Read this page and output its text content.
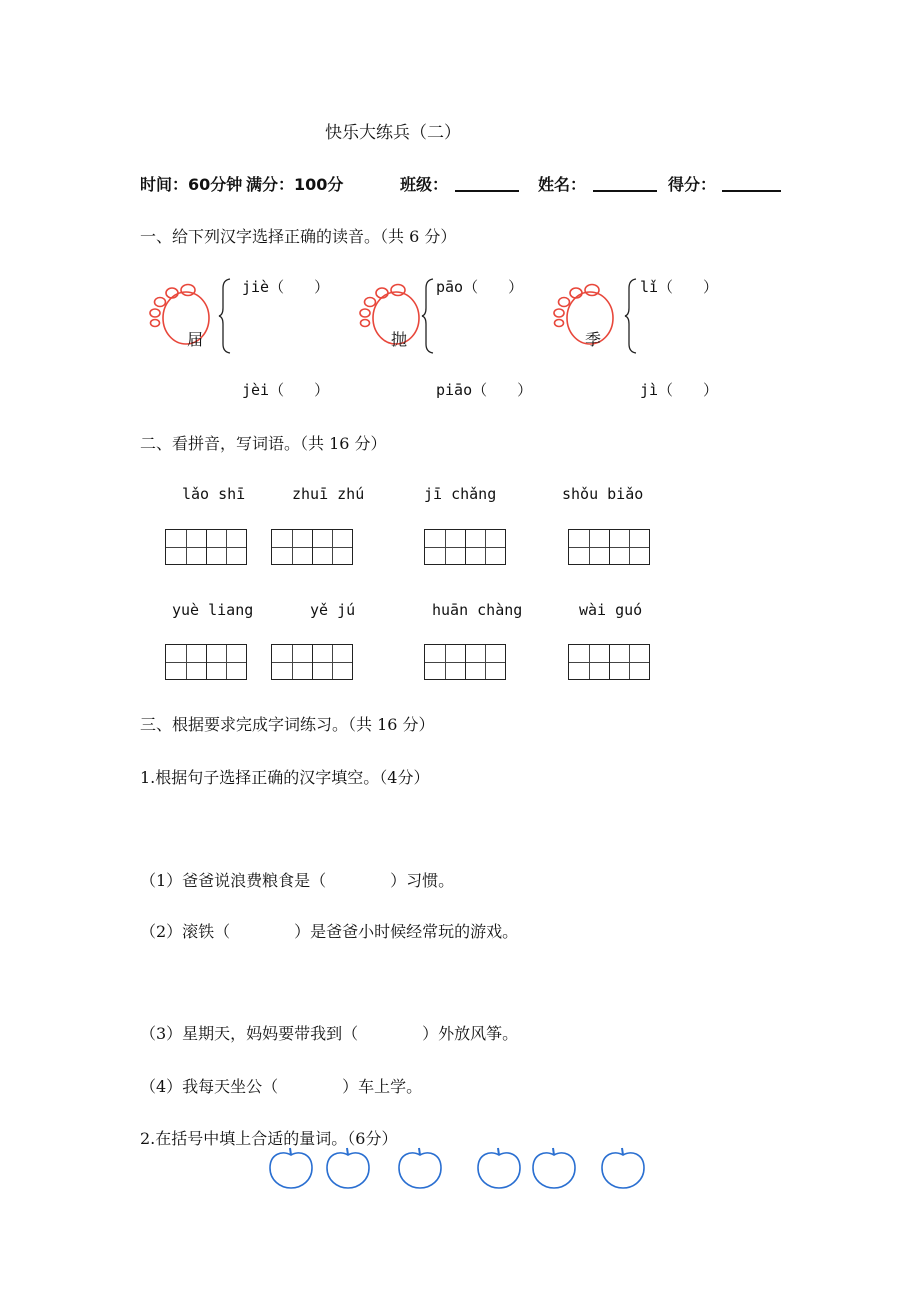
快乐大练兵（二）
时间：60分钟 满分：100分	班级：	姓名：	得分：
一、给下列汉字选择正确的读音。（共 6 分）
届
jiè（　　）
jèi（　　）
抛
pāo（　　）
piāo（　　）
季
lǐ（　　）
jì（　　）
二、看拼音，写词语。（共 16 分）
lǎo shī	zhuī zhú	jī chǎng	shǒu biǎo
yuè liang	yě jú	huān chàng	wài guó
三、根据要求完成字词练习。（共 16 分）
1.根据句子选择正确的汉字填空。（4分）
（1）爸爸说浪费粮食是（　　　　）习惯。
（2）滚铁（　　　　）是爸爸小时候经常玩的游戏。
（3）星期天，妈妈要带我到（　　　　）外放风筝。
（4）我每天坐公（　　　　）车上学。
2.在括号中填上合适的量词。（6分）
